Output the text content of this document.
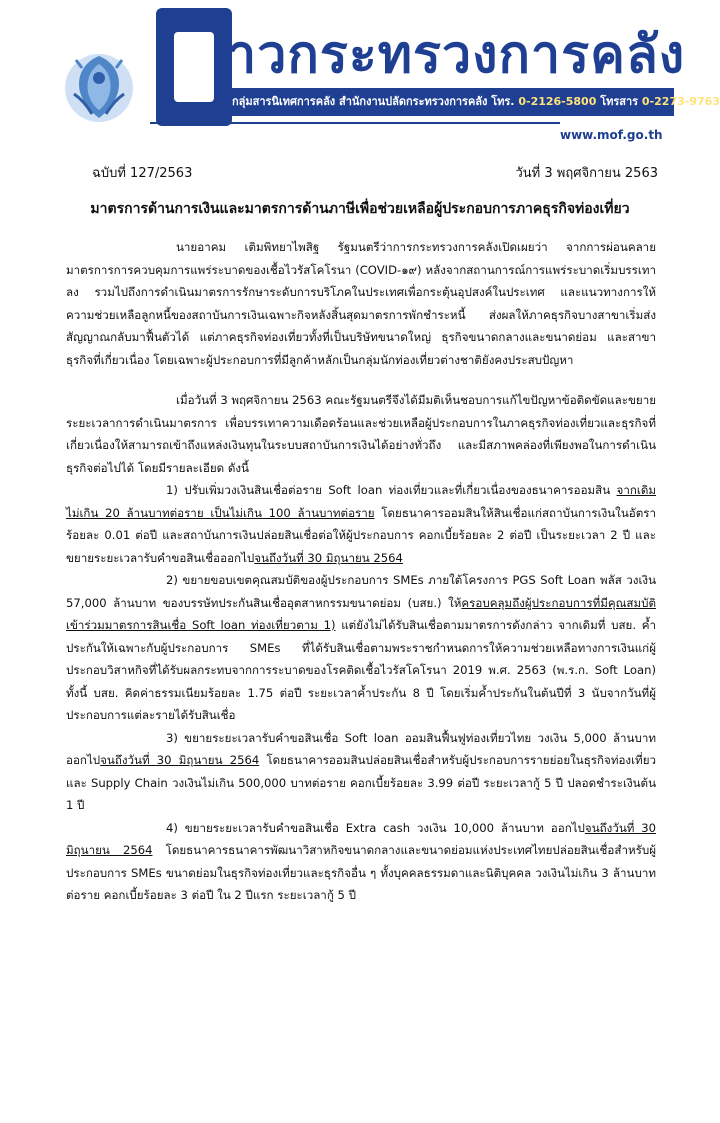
่าวกระทรวงการคลัง
กลุ่มสารนิเทศการคลัง สำนักงานปลัดกระทรวงการคลัง โทร. 0-2126-5800 โทรสาร 0-2273-9763
www.mof.go.th
ฉบับที่ 127/2563	วันที่ 3 พฤศจิกายน 2563
มาตรการด้านการเงินและมาตรการด้านภาษีเพื่อช่วยเหลือผู้ประกอบการภาคธุรกิจท่องเที่ยว

นายอาคม เติมพิทยาไพสิฐ รัฐมนตรีว่าการกระทรวงการคลังเปิดเผยว่า จากการผ่อนคลายมาตรการการควบคุมการแพร่ระบาดของเชื้อไวรัสโคโรนา (COVID-๑๙) หลังจากสถานการณ์การแพร่ระบาดเริ่มบรรเทาลง รวมไปถึงการดำเนินมาตรการรักษาระดับการบริโภคในประเทศเพื่อกระตุ้นอุปสงค์ในประเทศ และแนวทางการให้ความช่วยเหลือลูกหนี้ของสถาบันการเงินเฉพาะกิจหลังสิ้นสุดมาตรการพักชำระหนี้ ส่งผลให้ภาคธุรกิจบางสาขาเริ่มส่งสัญญาณกลับมาฟื้นตัวได้ แต่ภาคธุรกิจท่องเที่ยวทั้งที่เป็นบริษัทขนาดใหญ่ ธุรกิจขนาดกลางและขนาดย่อม และสาขาธุรกิจที่เกี่ยวเนื่อง โดยเฉพาะผู้ประกอบการที่มีลูกค้าหลักเป็นกลุ่มนักท่องเที่ยวต่างชาติยังคงประสบปัญหา

เมื่อวันที่ 3 พฤศจิกายน 2563 คณะรัฐมนตรีจึงได้มีมติเห็นชอบการแก้ไขปัญหาข้อติดขัดและขยายระยะเวลาการดำเนินมาตรการ เพื่อบรรเทาความเดือดร้อนและช่วยเหลือผู้ประกอบการในภาคธุรกิจท่องเที่ยวและธุรกิจที่เกี่ยวเนื่องให้สามารถเข้าถึงแหล่งเงินทุนในระบบสถาบันการเงินได้อย่างทั่วถึง และมีสภาพคล่องที่เพียงพอในการดำเนินธุรกิจต่อไปได้ โดยมีรายละเอียด ดังนี้

1) ปรับเพิ่มวงเงินสินเชื่อต่อราย Soft loan ท่องเที่ยวและที่เกี่ยวเนื่องของธนาคารออมสิน จากเดิมไม่เกิน 20 ล้านบาทต่อราย เป็นไม่เกิน 100 ล้านบาทต่อราย โดยธนาคารออมสินให้สินเชื่อแก่สถาบันการเงินในอัตราร้อยละ 0.01 ต่อปี และสถาบันการเงินปล่อยสินเชื่อต่อให้ผู้ประกอบการ คอกเบี้ยร้อยละ 2 ต่อปี เป็นระยะเวลา 2 ปี และขยายระยะเวลารับคำขอสินเชื่อออกไปจนถึงวันที่ 30 มิถุนายน 2564

2) ขยายขอบเขตคุณสมบัติของผู้ประกอบการ SMEs ภายใต้โครงการ PGS Soft Loan พลัส วงเงิน 57,000 ล้านบาท ของบรรษัทประกันสินเชื่ออุตสาหกรรมขนาดย่อม (บสย.) ให้ครอบคลุมถึงผู้ประกอบการที่มีคุณสมบัติเข้าร่วมมาตรการสินเชื่อ Soft loan ท่องเที่ยวตาม 1) แต่ยังไม่ได้รับสินเชื่อตามมาตรการดังกล่าว จากเดิมที่ บสย. ค้ำประกันให้เฉพาะกับผู้ประกอบการ SMEs ที่ได้รับสินเชื่อตามพระราชกำหนดการให้ความช่วยเหลือทางการเงินแก่ผู้ประกอบวิสาหกิจที่ได้รับผลกระทบจากการระบาดของโรคติดเชื้อไวรัสโคโรนา 2019 พ.ศ. 2563 (พ.ร.ก. Soft Loan) ทั้งนี้ บสย. คิดค่าธรรมเนียมร้อยละ 1.75 ต่อปี ระยะเวลาค้ำประกัน 8 ปี โดยเริ่มค้ำประกันในต้นปีที่ 3 นับจากวันที่ผู้ประกอบการแต่ละรายได้รับสินเชื่อ

3) ขยายระยะเวลารับคำขอสินเชื่อ Soft loan ออมสินฟื้นฟูท่องเที่ยวไทย วงเงิน 5,000 ล้านบาท ออกไปจนถึงวันที่ 30 มิถุนายน 2564 โดยธนาคารออมสินปล่อยสินเชื่อสำหรับผู้ประกอบการรายย่อยในธุรกิจท่องเที่ยวและ Supply Chain วงเงินไม่เกิน 500,000 บาทต่อราย คอกเบี้ยร้อยละ 3.99 ต่อปี ระยะเวลากู้ 5 ปี ปลอดชำระเงินต้น 1 ปี

4) ขยายระยะเวลารับคำขอสินเชื่อ Extra cash วงเงิน 10,000 ล้านบาท ออกไปจนถึงวันที่ 30 มิถุนายน 2564 โดยธนาคารธนาคารพัฒนาวิสาหกิจขนาดกลางและขนาดย่อมแห่งประเทศไทยปล่อยสินเชื่อสำหรับผู้ประกอบการ SMEs ขนาดย่อมในธุรกิจท่องเที่ยวและธุรกิจอื่น ๆ ทั้งบุคคลธรรมดาและนิติบุคคล วงเงินไม่เกิน 3 ล้านบาทต่อราย คอกเบี้ยร้อยละ 3 ต่อปี ใน 2 ปีแรก ระยะเวลากู้ 5 ปี
